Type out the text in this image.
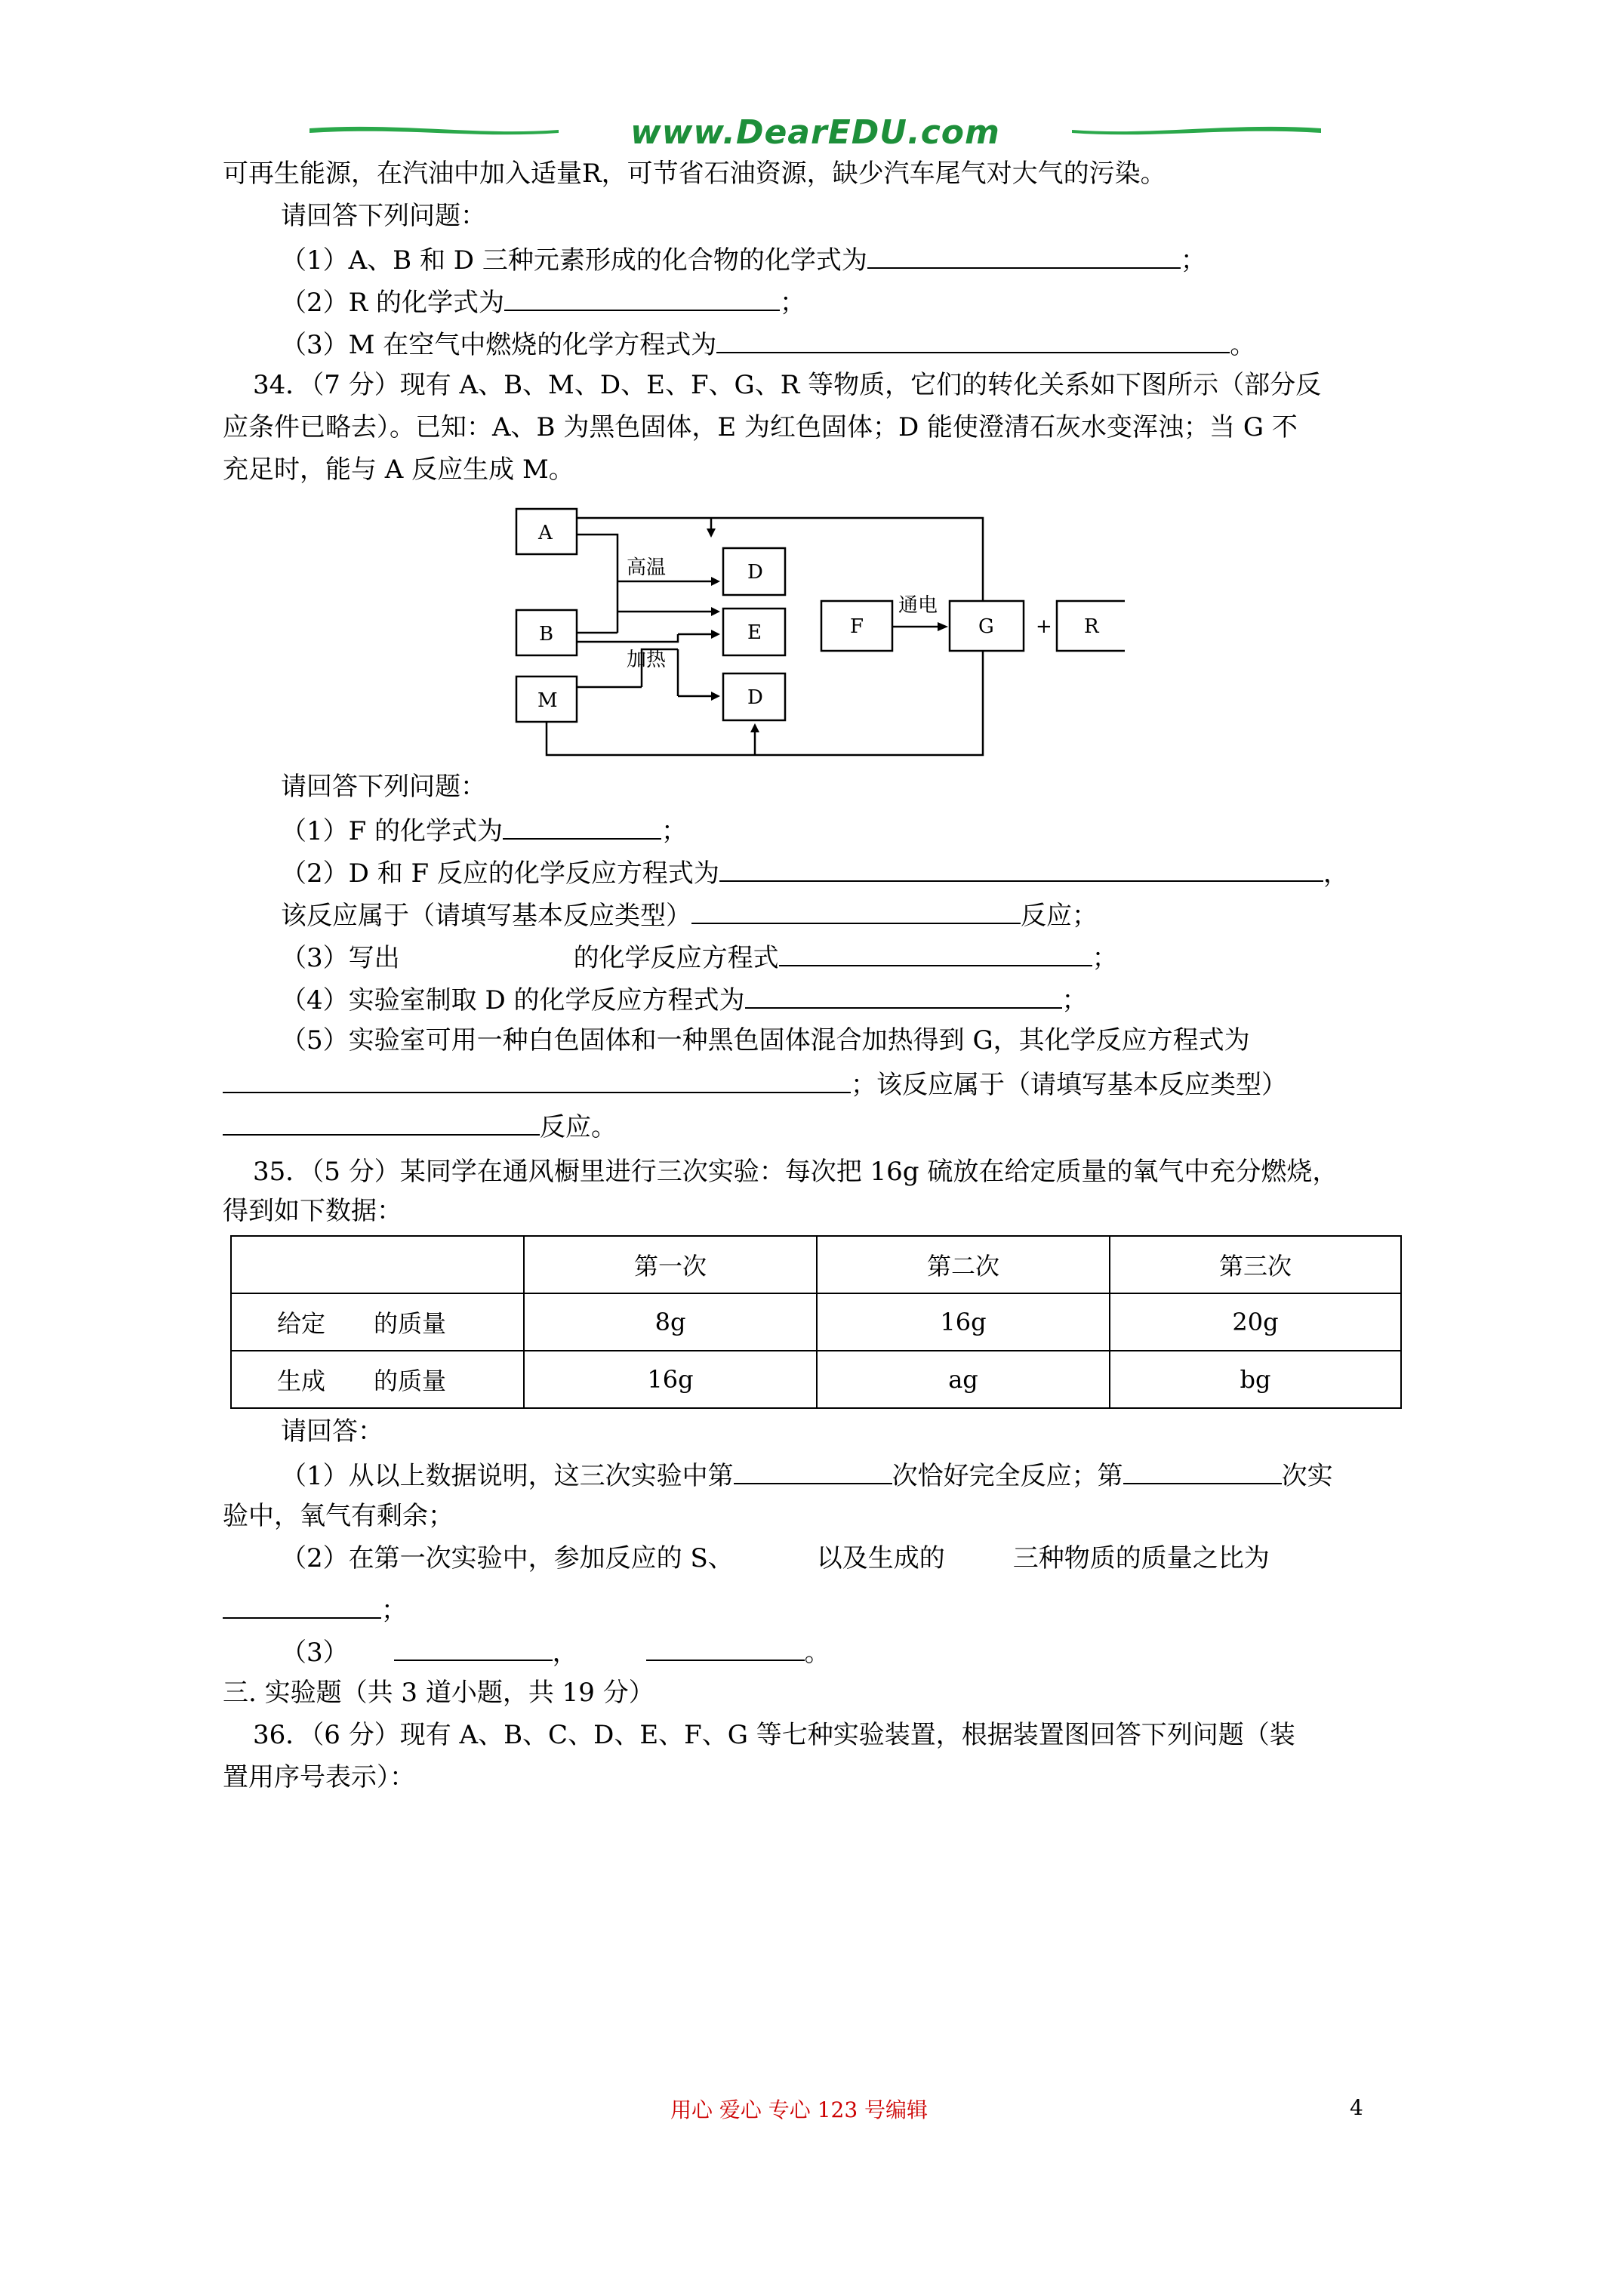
www.DearEDU.com
可再生能源，在汽油中加入适量R，可节省石油资源，缺少汽车尾气对大气的污染。
请回答下列问题：
（1）A、B 和 D 三种元素形成的化合物的化学式为	；
（2）R 的化学式为	；
（3）M 在空气中燃烧的化学方程式为	。
34．（7 分）现有 A、B、M、D、E、F、G、R 等物质，它们的转化关系如下图所示（部分反
应条件已略去）。已知：A、B 为黑色固体，E 为红色固体；D 能使澄清石灰水变浑浊；当 G 不
充足时，能与 A 反应生成 M。
A
B
M
D
E
D
F	G + R
高温
加热
通电
请回答下列问题：
（1）F 的化学式为	；
（2）D 和 F 反应的化学反应方程式为	，
该反应属于（请填写基本反应类型）	反应；
（3）写出	的化学反应方程式	；
（4）实验室制取 D 的化学反应方程式为	；
（5）实验室可用一种白色固体和一种黑色固体混合加热得到 G，其化学反应方程式为
；该反应属于（请填写基本反应类型）
反应。
35．（5 分）某同学在通风橱里进行三次实验：每次把 16g 硫放在给定质量的氧气中充分燃烧，
得到如下数据：
	第一次	第二次	第三次
给定　　的质量	8g	16g	20g
生成　　的质量	16g	ag	bg
请回答：
（1）从以上数据说明，这三次实验中第	次恰好完全反应；第	次实
验中，氧气有剩余；
（2）在第一次实验中，参加反应的 S、	以及生成的	三种物质的质量之比为
；
（3）	，	。
三. 实验题（共 3 道小题，共 19 分）
36．（6 分）现有 A、B、C、D、E、F、G 等七种实验装置，根据装置图回答下列问题（装
置用序号表示）：
用心 爱心 专心 123 号编辑	4
